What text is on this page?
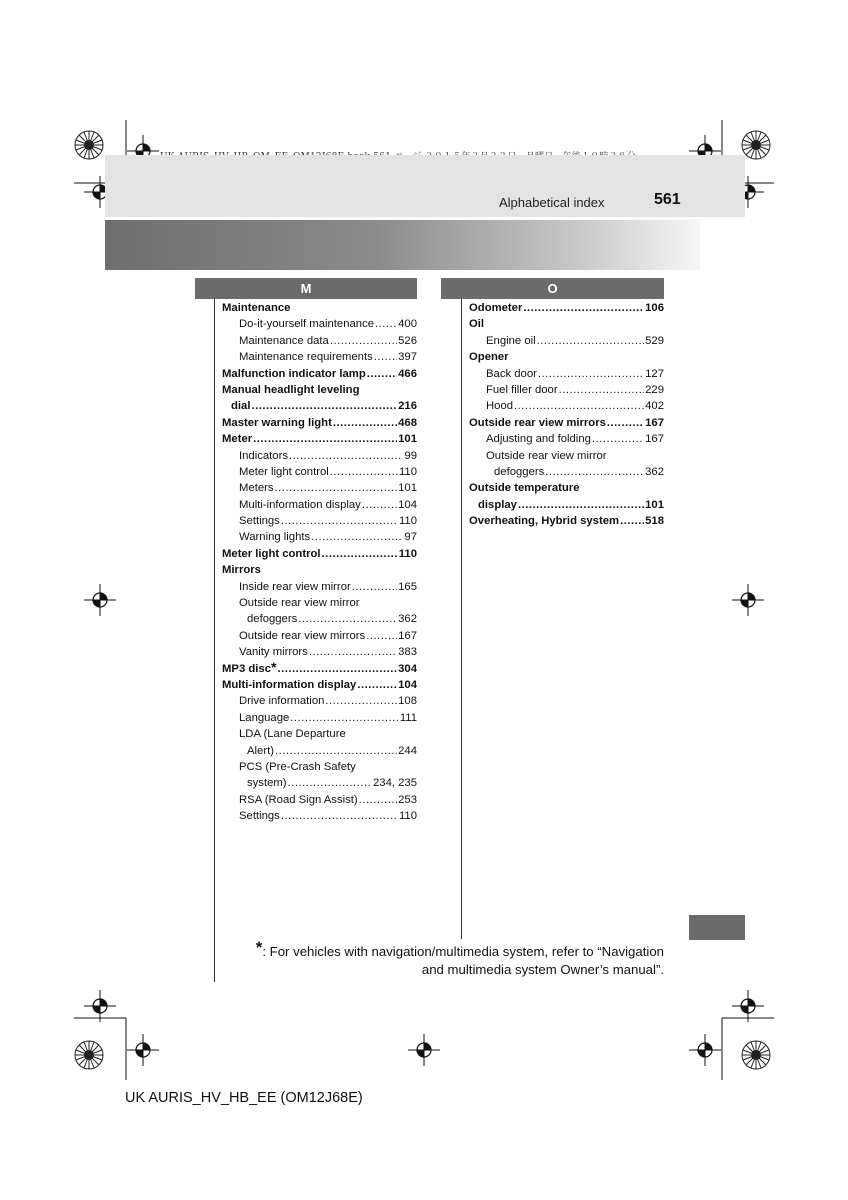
Alphabetical index	561
M	O
Maintenance
Do-it-yourself maintenance ..... 400
Maintenance data .....	526
Maintenance requirements ..... 397
Malfunction indicator lamp .....	466
Manual headlight leveling
dial .....	216
Master warning light .....	468
Meter .....	101
Indicators .....	99
Meter light control .....	110
Meters .....	101
Multi-information display .....	104
Settings .....	110
Warning lights .....	97
Meter light control .....	110
Mirrors
Inside rear view mirror .....	165
Outside rear view mirror
defoggers .....	362
Outside rear view mirrors .....	167
Vanity mirrors .....	383
MP3 disc * .....	304
Multi-information display .....	104
Drive information .....	108
Language .....	111
LDA (Lane Departure
Alert) .....	244
PCS (Pre-Crash Safety
system) .....	234, 235
RSA (Road Sign Assist) .....	253
Settings .....	110
Odometer .....	106
Oil
Engine oil .....	529
Opener
Back door .....	127
Fuel filler door .....	229
Hood .....	402
Outside rear view mirrors .....	167
Adjusting and folding .....	167
Outside rear view mirror
defoggers .....	362
Outside temperature
display .....	101
Overheating, Hybrid system ..... 518
*: For vehicles with navigation/multimedia system, refer to “Navigation
and multimedia system Owner’s manual”.
UK AURIS_HV_HB_EE (OM12J68E)
